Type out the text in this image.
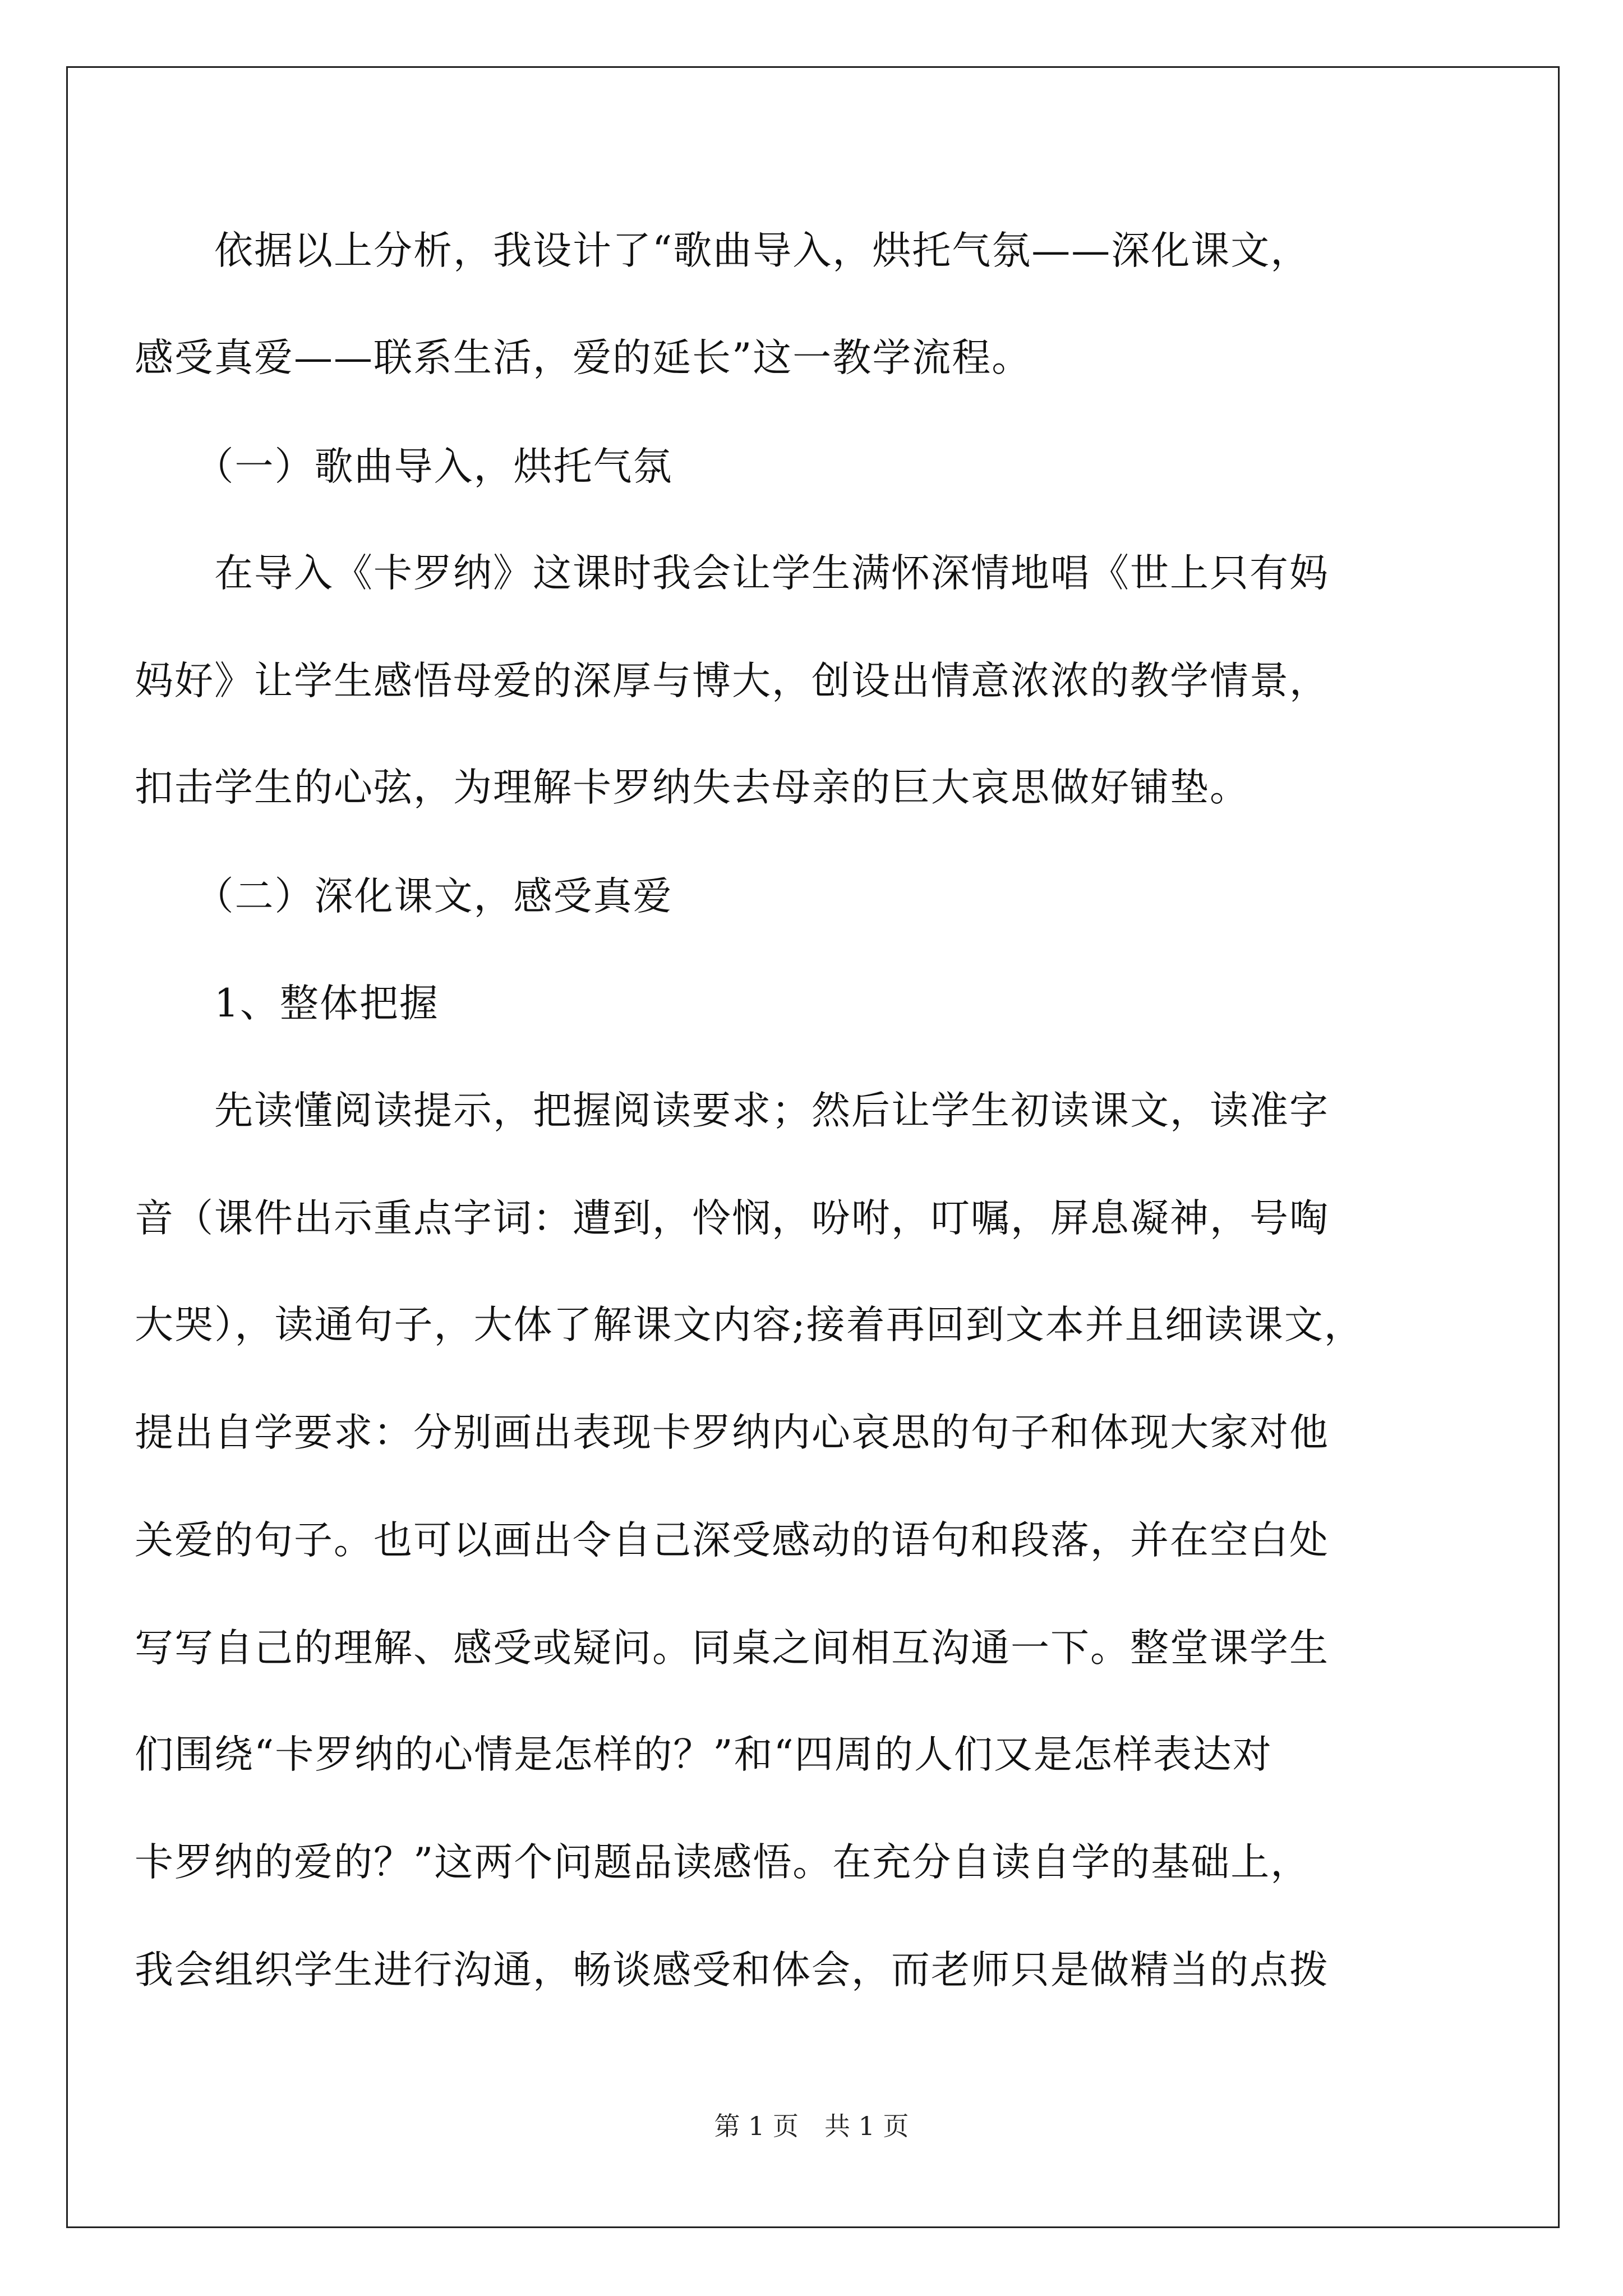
　　依据以上分析，我设计了“歌曲导入，烘托气氛——深化课文，
感受真爱——联系生活，爱的延长”这一教学流程。
　　（一）歌曲导入，烘托气氛
　　在导入《卡罗纳》这课时我会让学生满怀深情地唱《世上只有妈
妈好》让学生感悟母爱的深厚与博大，创设出情意浓浓的教学情景，
扣击学生的心弦，为理解卡罗纳失去母亲的巨大哀思做好铺垫。
　　（二）深化课文，感受真爱
　　1、整体把握
　　先读懂阅读提示，把握阅读要求；然后让学生初读课文，读准字
音（课件出示重点字词：遭到，怜悯，吩咐，叮嘱，屏息凝神，号啕
大哭），读通句子，大体了解课文内容;接着再回到文本并且细读课文，
提出自学要求：分别画出表现卡罗纳内心哀思的句子和体现大家对他
关爱的句子。也可以画出令自己深受感动的语句和段落，并在空白处
写写自己的理解、感受或疑问。同桌之间相互沟通一下。整堂课学生
们围绕“卡罗纳的心情是怎样的？”和“四周的人们又是怎样表达对
卡罗纳的爱的？”这两个问题品读感悟。在充分自读自学的基础上，
我会组织学生进行沟通，畅谈感受和体会，而老师只是做精当的点拨
第 1 页　共 1 页
